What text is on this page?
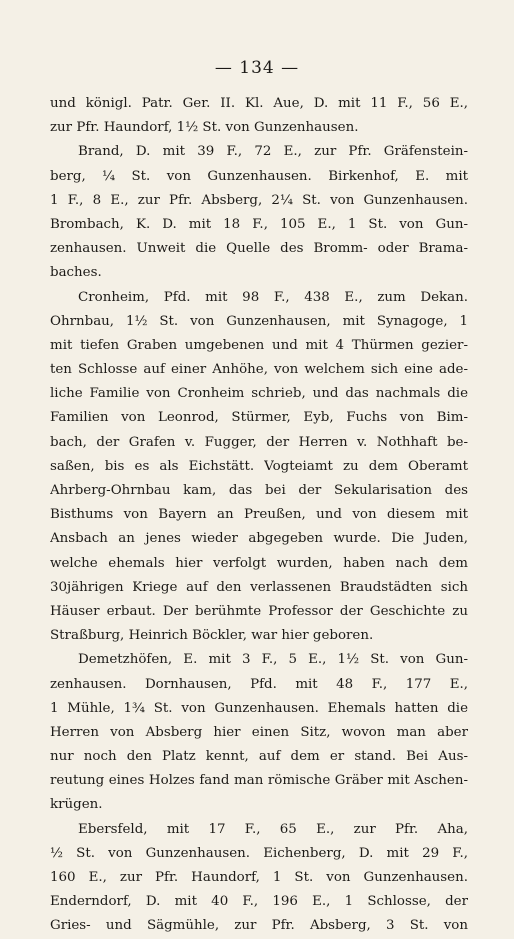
— 134 —
und königl. Patr. Ger. II. Kl. Aue, D. mit 11 F., 56 E.,
zur Pfr. Haundorf, 1½ St. von Gunzenhausen.
Brand, D. mit 39 F., 72 E., zur Pfr. Gräfenstein-
berg, ¼ St. von Gunzenhausen. Birkenhof, E. mit
1 F., 8 E., zur Pfr. Absberg, 2¼ St. von Gunzenhausen.
Brombach, K. D. mit 18 F., 105 E., 1 St. von Gun-
zenhausen. Unweit die Quelle des Bromm- oder Brama-
baches.
Cronheim, Pfd. mit 98 F., 438 E., zum Dekan.
Ohrnbau, 1½ St. von Gunzenhausen, mit Synagoge, 1
mit tiefen Graben umgebenen und mit 4 Thürmen gezier-
ten Schlosse auf einer Anhöhe, von welchem sich eine ade-
liche Familie von Cronheim schrieb, und das nachmals die
Familien von Leonrod, Stürmer, Eyb, Fuchs von Bim-
bach, der Grafen v. Fugger, der Herren v. Nothhaft be-
saßen, bis es als Eichstätt. Vogteiamt zu dem Oberamt
Ahrberg-Ohrnbau kam, das bei der Sekularisation des
Bisthums von Bayern an Preußen, und von diesem mit
Ansbach an jenes wieder abgegeben wurde. Die Juden,
welche ehemals hier verfolgt wurden, haben nach dem
30jährigen Kriege auf den verlassenen Braudstädten sich
Häuser erbaut. Der berühmte Professor der Geschichte zu
Straßburg, Heinrich Böckler, war hier geboren.
Demetzhöfen, E. mit 3 F., 5 E., 1½ St. von Gun-
zenhausen. Dornhausen, Pfd. mit 48 F., 177 E.,
1 Mühle, 1¾ St. von Gunzenhausen. Ehemals hatten die
Herren von Absberg hier einen Sitz, wovon man aber
nur noch den Platz kennt, auf dem er stand. Bei Aus-
reutung eines Holzes fand man römische Gräber mit Aschen-
krügen.
Ebersfeld, mit 17 F., 65 E., zur Pfr. Aha,
½ St. von Gunzenhausen. Eichenberg, D. mit 29 F.,
160 E., zur Pfr. Haundorf, 1 St. von Gunzenhausen.
Enderndorf, D. mit 40 F., 196 E., 1 Schlosse, der
Gries- und Sägmühle, zur Pfr. Absberg, 3 St. von
